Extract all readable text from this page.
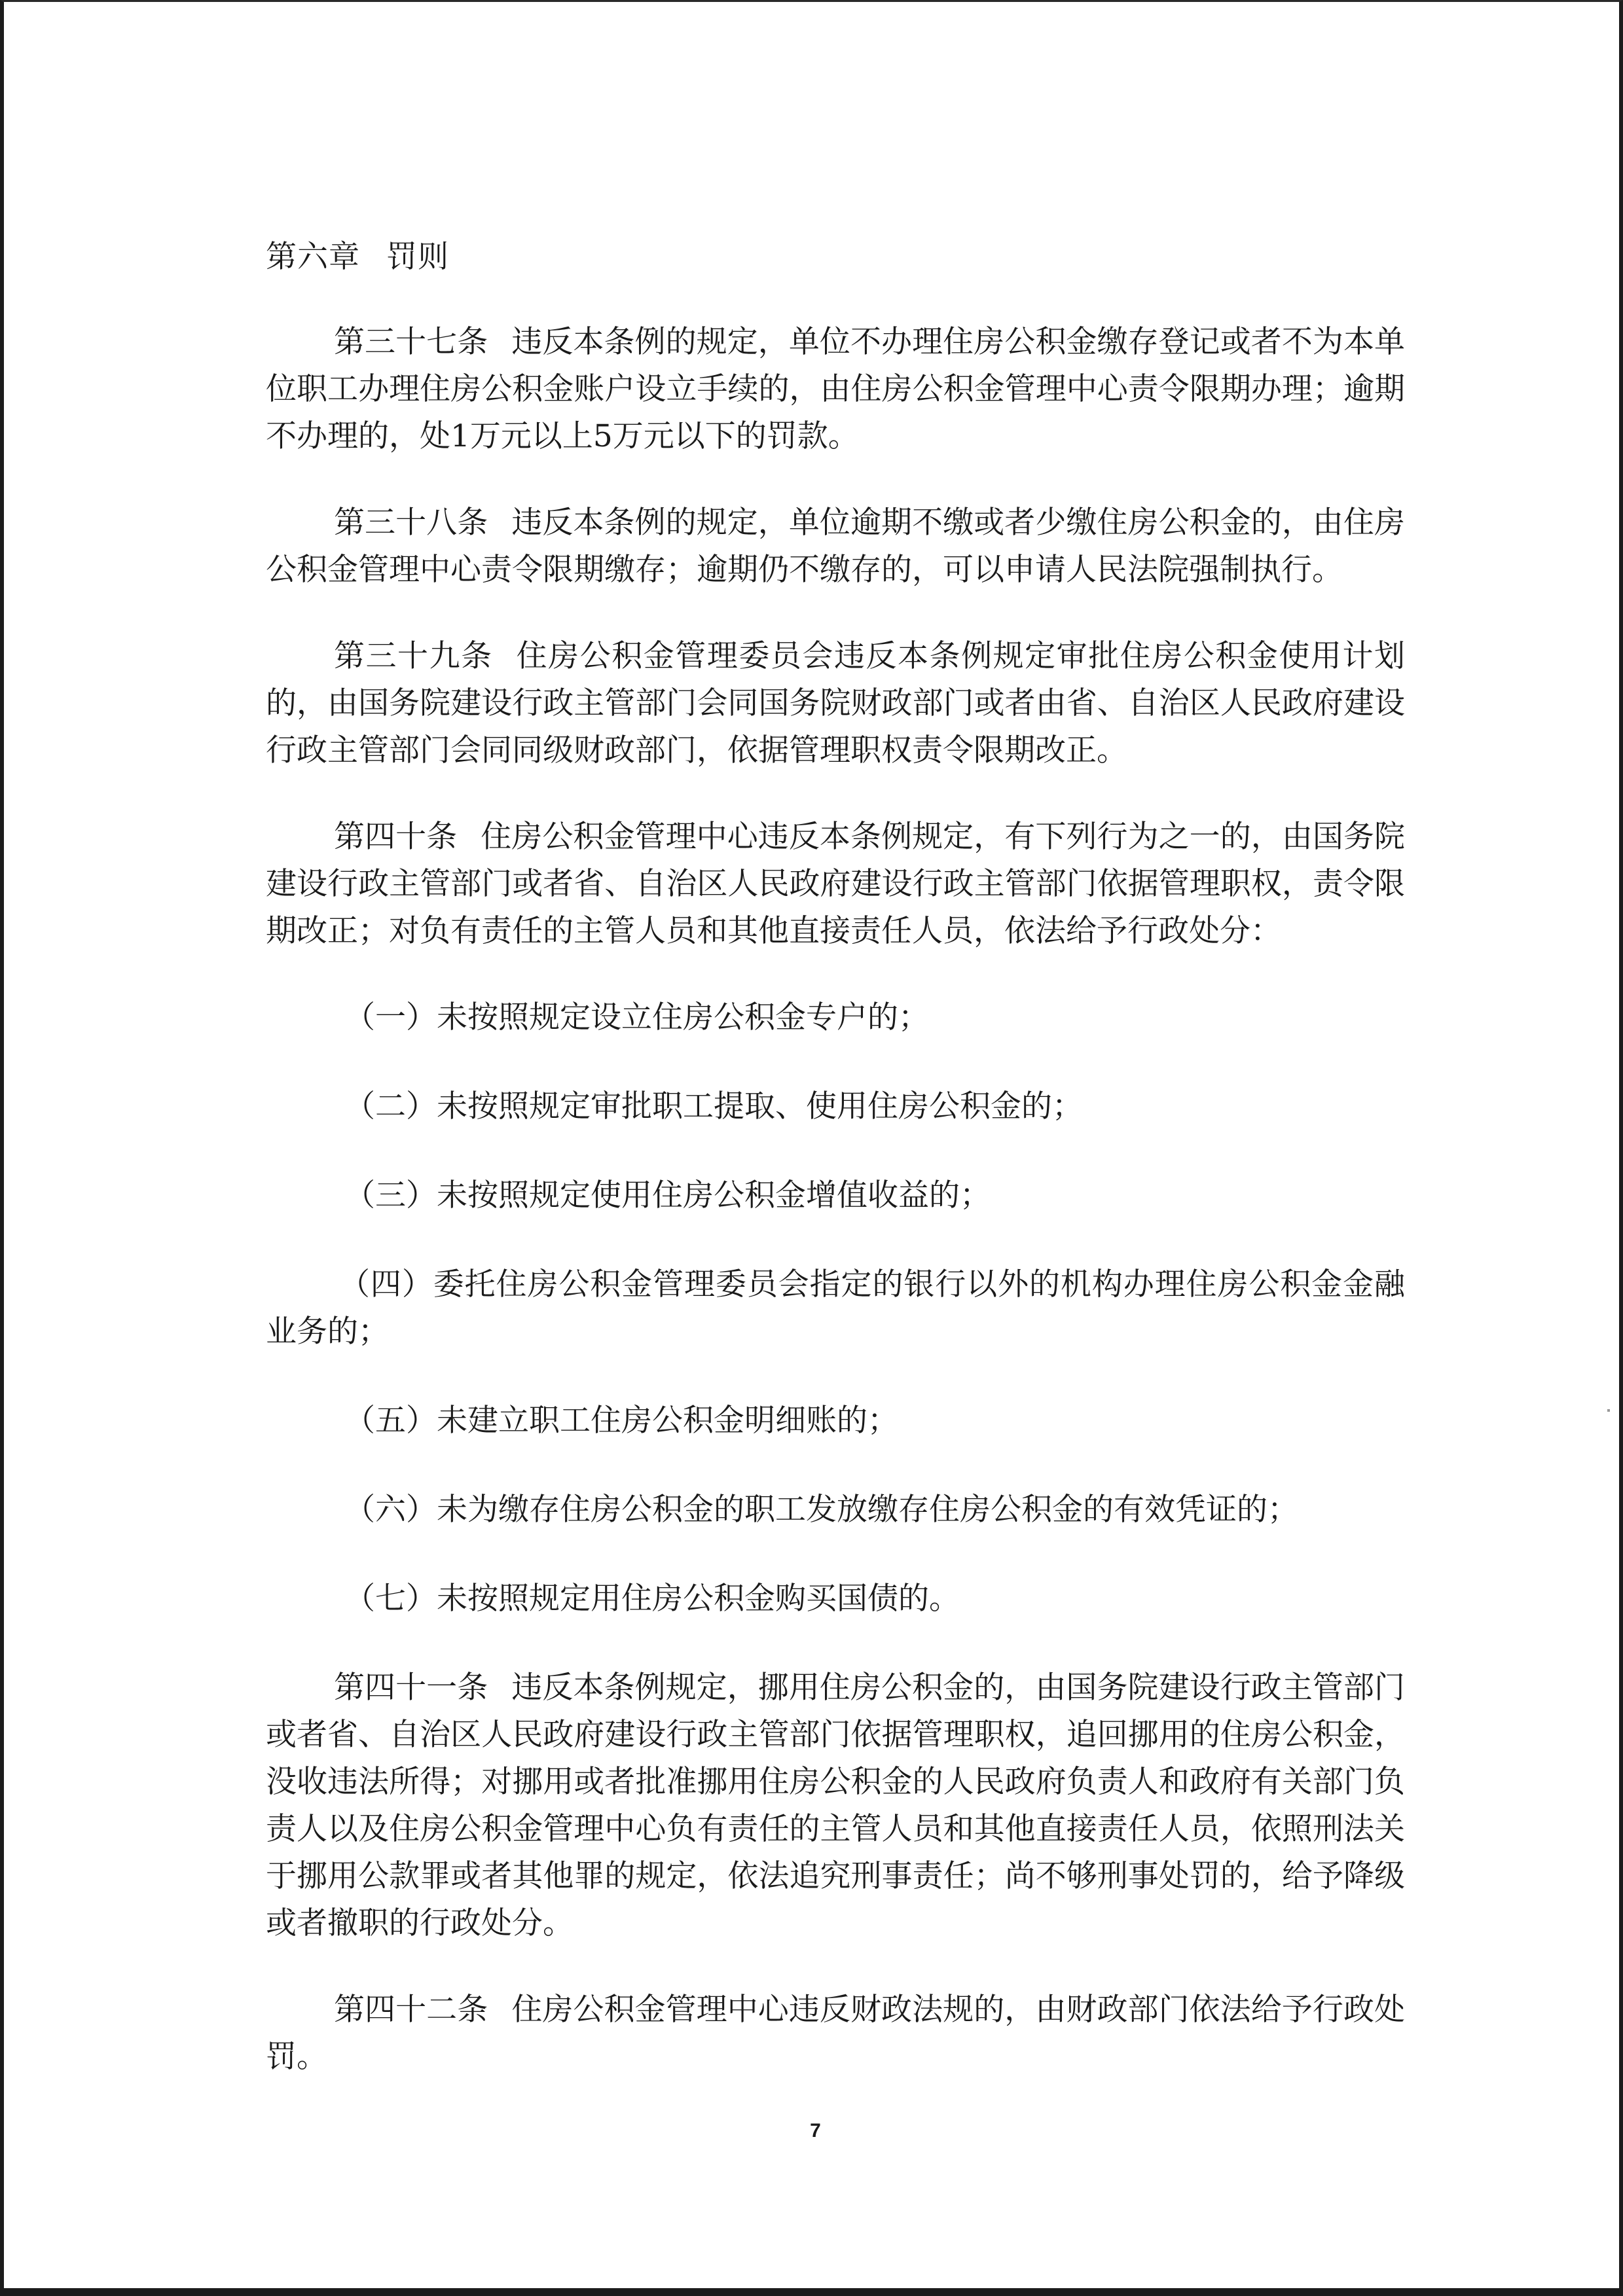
第六章 罚则

第三十七条 违反本条例的规定，单位不办理住房公积金缴存登记或者不为本单位职工办理住房公积金账户设立手续的，由住房公积金管理中心责令限期办理；逾期不办理的，处1万元以上5万元以下的罚款。

第三十八条 违反本条例的规定，单位逾期不缴或者少缴住房公积金的，由住房公积金管理中心责令限期缴存；逾期仍不缴存的，可以申请人民法院强制执行。

第三十九条 住房公积金管理委员会违反本条例规定审批住房公积金使用计划的，由国务院建设行政主管部门会同国务院财政部门或者由省、自治区人民政府建设行政主管部门会同同级财政部门，依据管理职权责令限期改正。

第四十条 住房公积金管理中心违反本条例规定，有下列行为之一的，由国务院建设行政主管部门或者省、自治区人民政府建设行政主管部门依据管理职权，责令限期改正；对负有责任的主管人员和其他直接责任人员，依法给予行政处分：

（一）未按照规定设立住房公积金专户的；

（二）未按照规定审批职工提取、使用住房公积金的；

（三）未按照规定使用住房公积金增值收益的；

（四）委托住房公积金管理委员会指定的银行以外的机构办理住房公积金金融业务的；

（五）未建立职工住房公积金明细账的；

（六）未为缴存住房公积金的职工发放缴存住房公积金的有效凭证的；

（七）未按照规定用住房公积金购买国债的。

第四十一条 违反本条例规定，挪用住房公积金的，由国务院建设行政主管部门或者省、自治区人民政府建设行政主管部门依据管理职权，追回挪用的住房公积金，没收违法所得；对挪用或者批准挪用住房公积金的人民政府负责人和政府有关部门负责人以及住房公积金管理中心负有责任的主管人员和其他直接责任人员，依照刑法关于挪用公款罪或者其他罪的规定，依法追究刑事责任；尚不够刑事处罚的，给予降级或者撤职的行政处分。

第四十二条 住房公积金管理中心违反财政法规的，由财政部门依法给予行政处罚。

7
